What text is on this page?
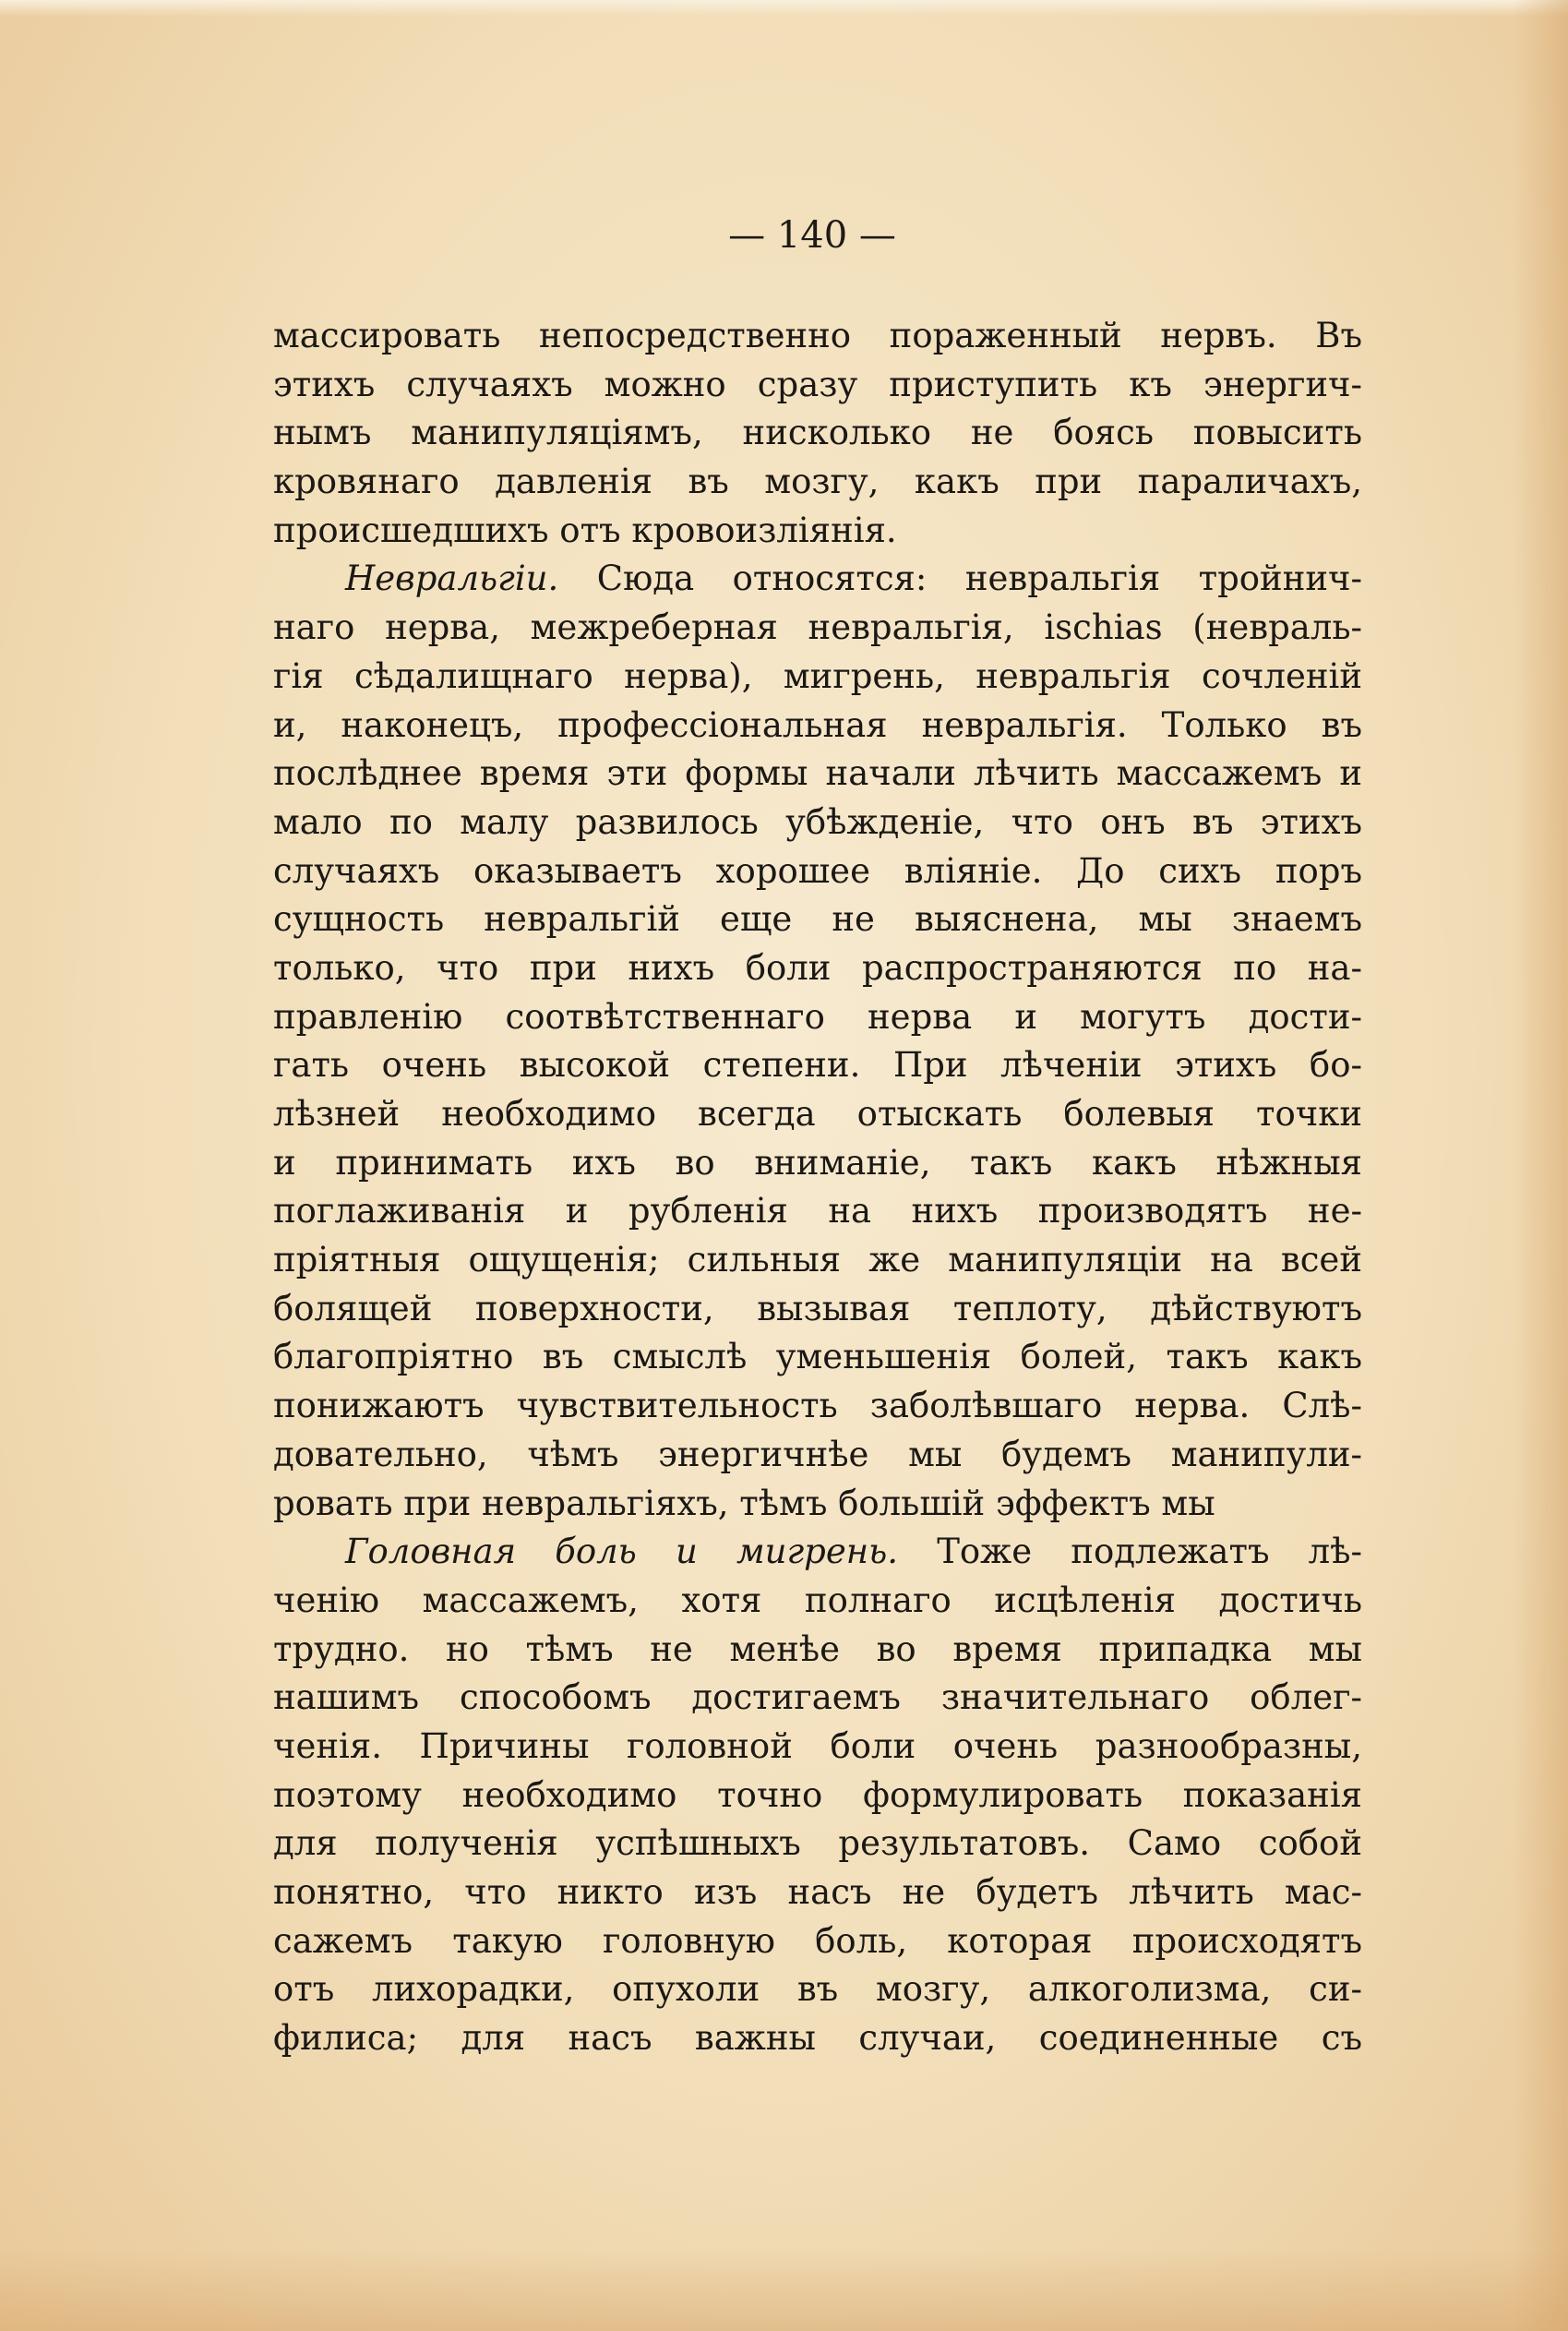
— 140 —
массировать непосредственно пораженный нервъ. Въ
этихъ случаяхъ можно сразу приступить къ энергич-
нымъ манипуляцiямъ, нисколько не боясь повысить
кровянаго давленiя въ мозгу, какъ при параличахъ,
происшедшихъ отъ кровоизлiянiя.
Невральгiи. Сюда относятся: невральгiя тройнич-
наго нерва, межреберная невральгiя, ischias (невраль-
гiя сѣдалищнаго нерва), мигрень, невральгiя сочленiй
и, наконецъ, профессiональная невральгiя. Только въ
послѣднее время эти формы начали лѣчить массажемъ и
мало по малу развилось убѣжденiе, что онъ въ этихъ
случаяхъ оказываетъ хорошее влiянiе. До сихъ поръ
сущность невральгiй еще не выяснена, мы знаемъ
только, что при нихъ боли распространяются по на-
правленiю соотвѣтственнаго нерва и могутъ дости-
гать очень высокой степени. При лѣченiи этихъ бо-
лѣзней необходимо всегда отыскать болевыя точки
и принимать ихъ во вниманiе, такъ какъ нѣжныя
поглаживанiя и рубленiя на нихъ производятъ не-
прiятныя ощущенiя; сильныя же манипуляцiи на всей
болящей поверхности, вызывая теплоту, дѣйствуютъ
благопрiятно въ смыслѣ уменьшенiя болей, такъ какъ
понижаютъ чувствительность заболѣвшаго нерва. Слѣ-
довательно, чѣмъ энергичнѣе мы будемъ манипули-
ровать при невральгiяхъ, тѣмъ большiй эффектъ мы
Головная боль и мигрень. Тоже подлежатъ лѣ-
ченiю массажемъ, хотя полнаго исцѣленiя достичь
трудно. но тѣмъ не менѣе во время припадка мы
нашимъ способомъ достигаемъ значительнаго облег-
ченiя. Причины головной боли очень разнообразны,
поэтому необходимо точно формулировать показанiя
для полученiя успѣшныхъ результатовъ. Само собой
понятно, что никто изъ насъ не будетъ лѣчить мас-
сажемъ такую головную боль, которая происходятъ
отъ лихорадки, опухоли въ мозгу, алкоголизма, си-
филиса; для насъ важны случаи, соединенные съ
